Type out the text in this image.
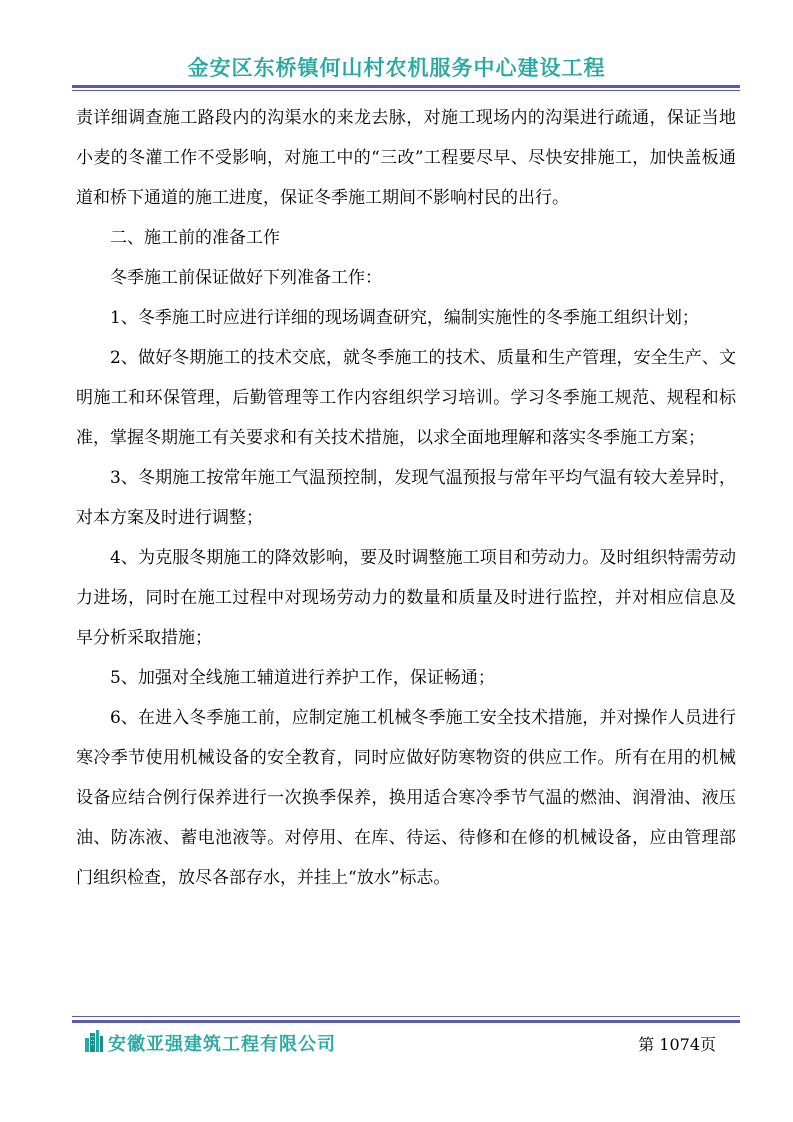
金安区东桥镇何山村农机服务中心建设工程

责详细调查施工路段内的沟渠水的来龙去脉，对施工现场内的沟渠进行疏通，保证当地小麦的冬灌工作不受影响，对施工中的“三改”工程要尽早、尽快安排施工，加快盖板通道和桥下通道的施工进度，保证冬季施工期间不影响村民的出行。

二、施工前的准备工作

冬季施工前保证做好下列准备工作：

1、冬季施工时应进行详细的现场调查研究，编制实施性的冬季施工组织计划；

2、做好冬期施工的技术交底，就冬季施工的技术、质量和生产管理，安全生产、文明施工和环保管理，后勤管理等工作内容组织学习培训。学习冬季施工规范、规程和标准，掌握冬期施工有关要求和有关技术措施，以求全面地理解和落实冬季施工方案；

3、冬期施工按常年施工气温预控制，发现气温预报与常年平均气温有较大差异时，对本方案及时进行调整；

4、为克服冬期施工的降效影响，要及时调整施工项目和劳动力。及时组织特需劳动力进场，同时在施工过程中对现场劳动力的数量和质量及时进行监控，并对相应信息及早分析采取措施；

5、加强对全线施工辅道进行养护工作，保证畅通；

6、在进入冬季施工前，应制定施工机械冬季施工安全技术措施，并对操作人员进行寒冷季节使用机械设备的安全教育，同时应做好防寒物资的供应工作。所有在用的机械设备应结合例行保养进行一次换季保养，换用适合寒冷季节气温的燃油、润滑油、液压油、防冻液、蓄电池液等。对停用、在库、待运、待修和在修的机械设备，应由管理部门组织检查，放尽各部存水，并挂上“放水”标志。

安徽亚强建筑工程有限公司	第 1074页
